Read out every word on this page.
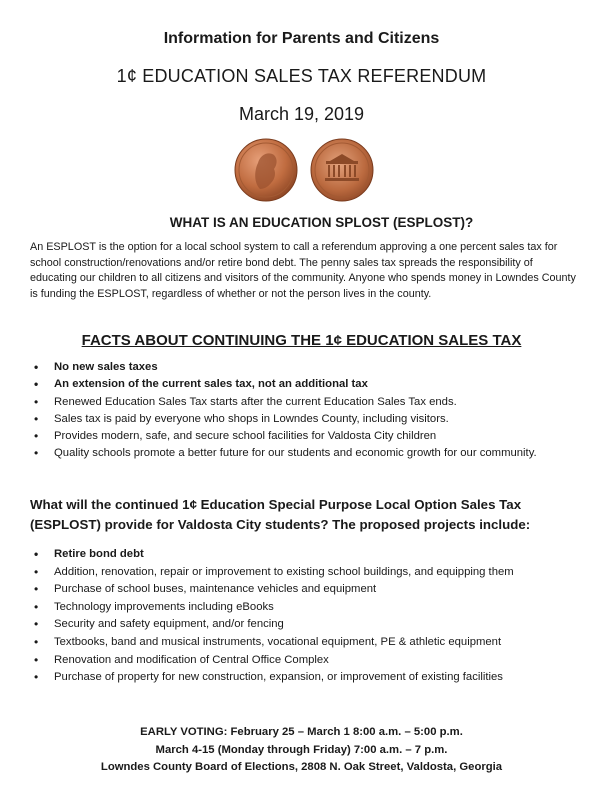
Information for Parents and Citizens
1¢ EDUCATION SALES TAX REFERENDUM
March 19, 2019
WHAT IS AN EDUCATION SPLOST (ESPLOST)?
An ESPLOST is the option for a local school system to call a referendum approving a one percent sales tax for school construction/renovations and/or retire bond debt. The penny sales tax spreads the responsibility of educating our children to all citizens and visitors of the community. Anyone who spends money in Lowndes County is funding the ESPLOST, regardless of whether or not the person lives in the county.
FACTS ABOUT CONTINUING THE 1¢ EDUCATION SALES TAX
• No new sales taxes
• An extension of the current sales tax, not an additional tax
• Renewed Education Sales Tax starts after the current Education Sales Tax ends.
• Sales tax is paid by everyone who shops in Lowndes County, including visitors.
• Provides modern, safe, and secure school facilities for Valdosta City children
• Quality schools promote a better future for our students and economic growth for our community.
What will the continued 1¢ Education Special Purpose Local Option Sales Tax (ESPLOST) provide for Valdosta City students? The proposed projects include:
• Retire bond debt
• Addition, renovation, repair or improvement to existing school buildings, and equipping them
• Purchase of school buses, maintenance vehicles and equipment
• Technology improvements including eBooks
• Security and safety equipment, and/or fencing
• Textbooks, band and musical instruments, vocational equipment, PE & athletic equipment
• Renovation and modification of Central Office Complex
• Purchase of property for new construction, expansion, or improvement of existing facilities
EARLY VOTING: February 25 – March 1 8:00 a.m. – 5:00 p.m.
March 4-15 (Monday through Friday) 7:00 a.m. – 7 p.m.
Lowndes County Board of Elections, 2808 N. Oak Street, Valdosta, Georgia
